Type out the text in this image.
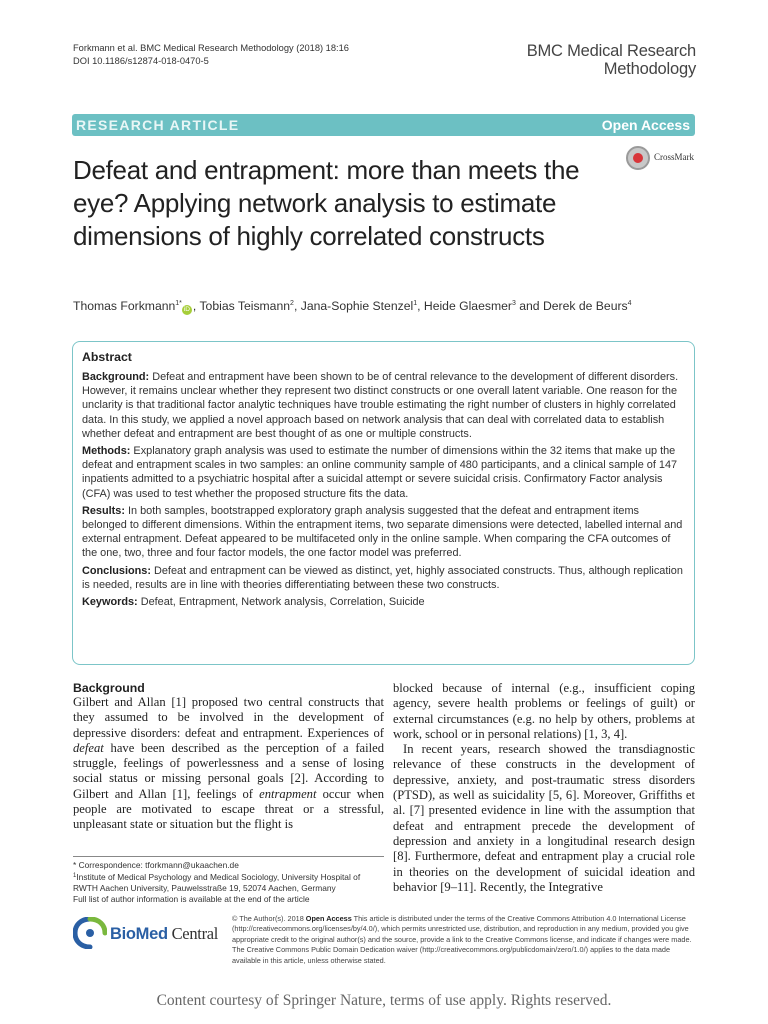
Forkmann et al. BMC Medical Research Methodology (2018) 18:16
DOI 10.1186/s12874-018-0470-5
BMC Medical Research
Methodology
RESEARCH ARTICLE	Open Access
Defeat and entrapment: more than meets the eye? Applying network analysis to estimate dimensions of highly correlated constructs
CrossMark
Thomas Forkmann$^{1*}$iD , Tobias Teismann$^2$, Jana-Sophie Stenzel$^1$, Heide Glaesmer$^3$ and Derek de Beurs$^4$
Abstract

Background: Defeat and entrapment have been shown to be of central relevance to the development of different disorders. However, it remains unclear whether they represent two distinct constructs or one overall latent variable. One reason for the unclarity is that traditional factor analytic techniques have trouble estimating the right number of clusters in highly correlated data. In this study, we applied a novel approach based on network analysis that can deal with correlated data to establish whether defeat and entrapment are best thought of as one or multiple constructs.

Methods: Explanatory graph analysis was used to estimate the number of dimensions within the 32 items that make up the defeat and entrapment scales in two samples: an online community sample of 480 participants, and a clinical sample of 147 inpatients admitted to a psychiatric hospital after a suicidal attempt or severe suicidal crisis. Confirmatory Factor analysis (CFA) was used to test whether the proposed structure fits the data.

Results: In both samples, bootstrapped exploratory graph analysis suggested that the defeat and entrapment items belonged to different dimensions. Within the entrapment items, two separate dimensions were detected, labelled internal and external entrapment. Defeat appeared to be multifaceted only in the online sample. When comparing the CFA outcomes of the one, two, three and four factor models, the one factor model was preferred.

Conclusions: Defeat and entrapment can be viewed as distinct, yet, highly associated constructs. Thus, although replication is needed, results are in line with theories differentiating between these two constructs.

Keywords: Defeat, Entrapment, Network analysis, Correlation, Suicide

Background

Gilbert and Allan [1] proposed two central constructs that they assumed to be involved in the development of depressive disorders: defeat and entrapment. Experiences of defeat have been described as the perception of a failed struggle, feelings of powerlessness and a sense of losing social status or missing personal goals [2]. According to Gilbert and Allan [1], feelings of entrapment occur when people are motivated to escape threat or a stressful, unpleasant state or situation but the flight is

blocked because of internal (e.g., insufficient coping agency, severe health problems or feelings of guilt) or external circumstances (e.g. no help by others, problems at work, school or in personal relations) [1, 3, 4].

In recent years, research showed the transdiagnostic relevance of these constructs in the development of depressive, anxiety, and post-traumatic stress disorders (PTSD), as well as suicidality [5, 6]. Moreover, Griffiths et al. [7] presented evidence in line with the assumption that defeat and entrapment precede the development of depression and anxiety in a longitudinal research design [8]. Furthermore, defeat and entrapment play a crucial role in theories on the development of suicidal ideation and behavior [9–11]. Recently, the Integrative

* Correspondence: tforkmann@ukaachen.de
$^1$Institute of Medical Psychology and Medical Sociology, University Hospital of RWTH Aachen University, Pauwelsstraße 19, 52074 Aachen, Germany
Full list of author information is available at the end of the article
BioMed Central
© The Author(s). 2018 Open Access This article is distributed under the terms of the Creative Commons Attribution 4.0 International License (http://creativecommons.org/licenses/by/4.0/), which permits unrestricted use, distribution, and reproduction in any medium, provided you give appropriate credit to the original author(s) and the source, provide a link to the Creative Commons license, and indicate if changes were made. The Creative Commons Public Domain Dedication waiver (http://creativecommons.org/publicdomain/zero/1.0/) applies to the data made available in this article, unless otherwise stated.
Content courtesy of Springer Nature, terms of use apply. Rights reserved.
